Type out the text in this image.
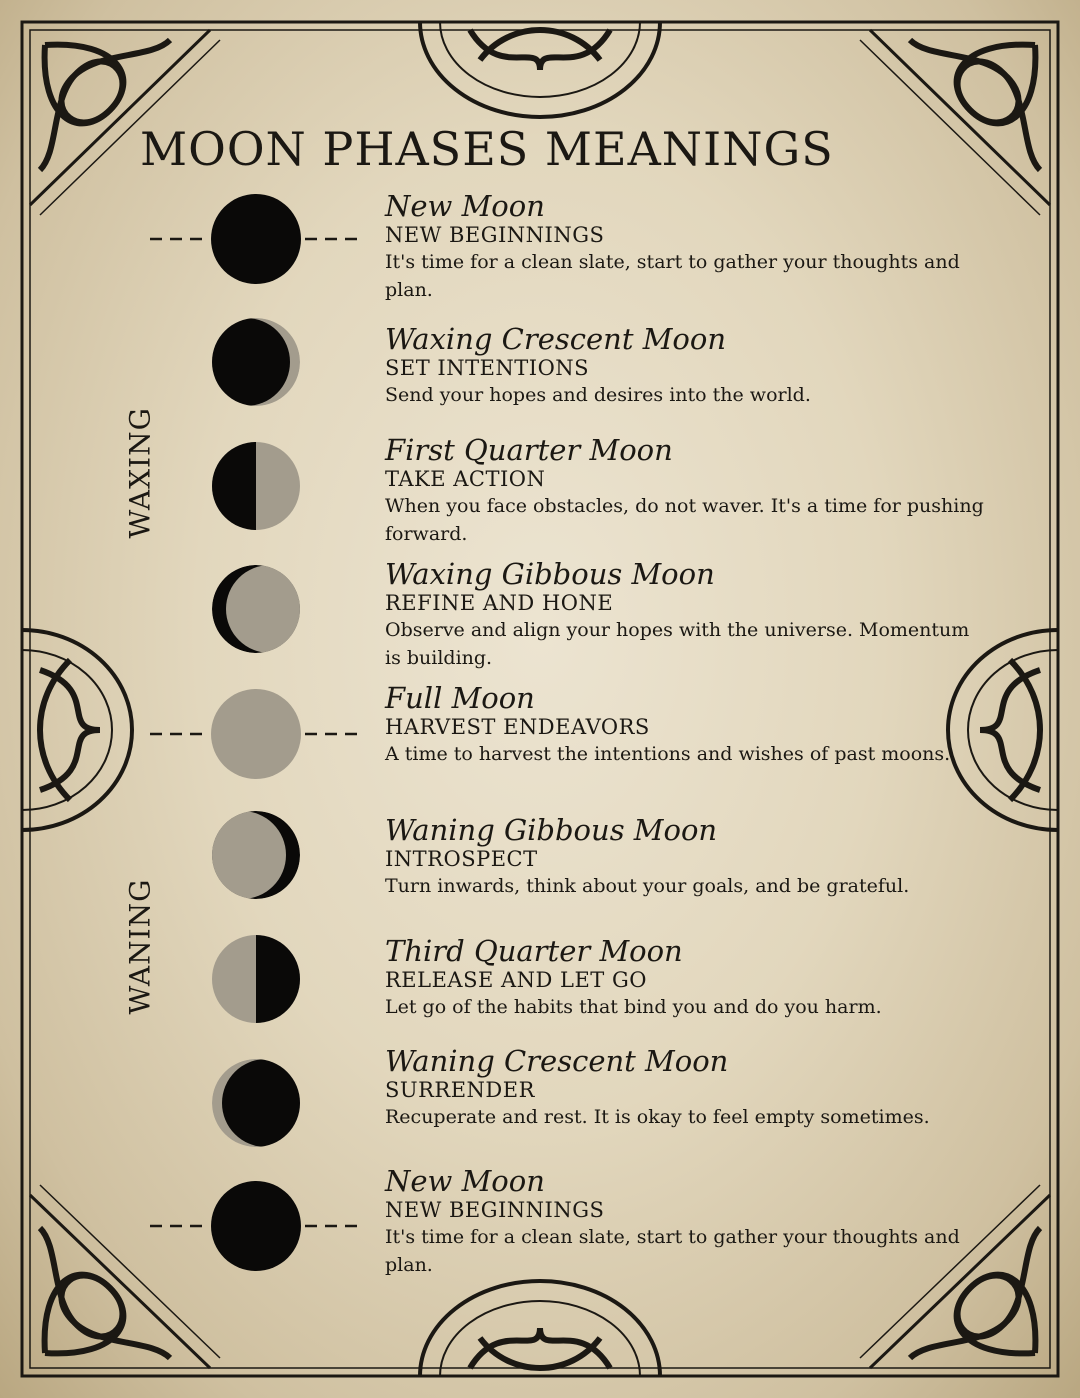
MOON PHASES MEANINGS
WAXING
WANING
New Moon
NEW BEGINNINGS
It's time for a clean slate, start to gather your thoughts and plan.
Waxing Crescent Moon
SET INTENTIONS
Send your hopes and desires into the world.
First Quarter Moon
TAKE ACTION
When you face obstacles, do not waver. It's a time for pushing forward.
Waxing Gibbous Moon
REFINE AND HONE
Observe and align your hopes with the universe. Momentum is building.
Full Moon
HARVEST ENDEAVORS
A time to harvest the intentions and wishes of past moons.
Waning Gibbous Moon
INTROSPECT
Turn inwards, think about your goals, and be grateful.
Third Quarter Moon
RELEASE AND LET GO
Let go of the habits that bind you and do you harm.
Waning Crescent Moon
SURRENDER
Recuperate and rest. It is okay to feel empty sometimes.
New Moon
NEW BEGINNINGS
It's time for a clean slate, start to gather your thoughts and plan.
